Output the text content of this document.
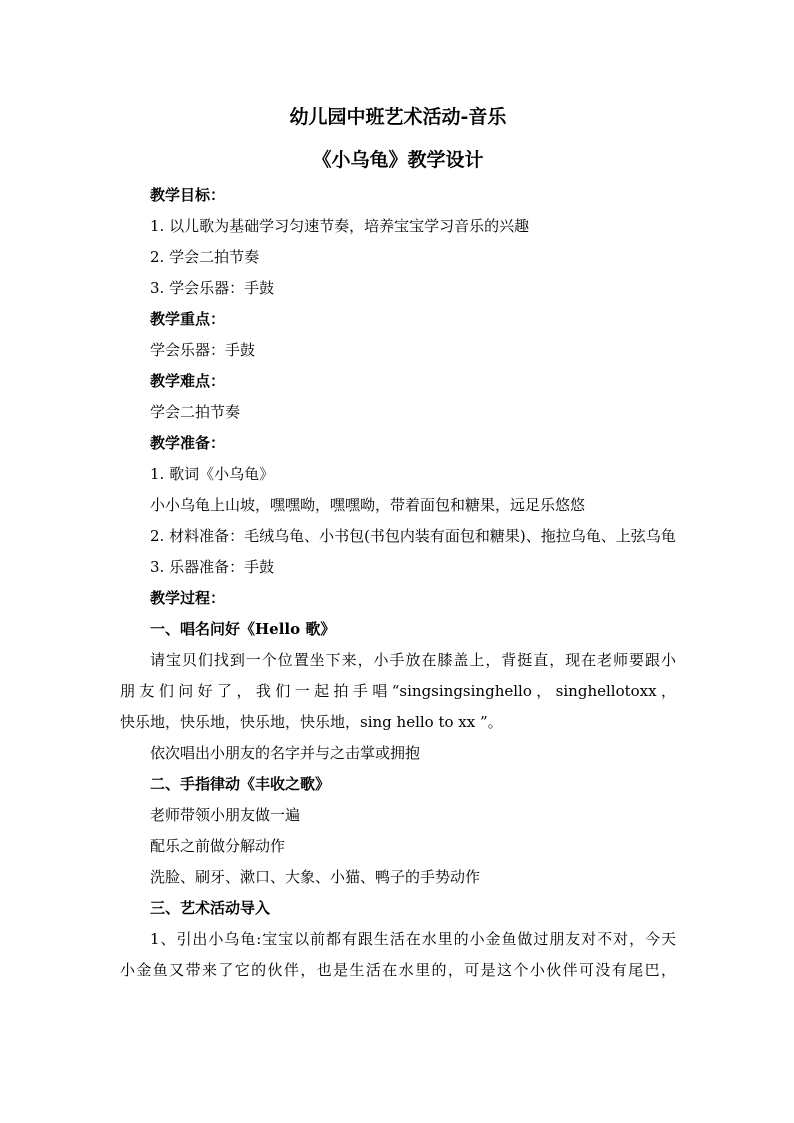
幼儿园中班艺术活动-音乐
《小乌龟》教学设计
教学目标：
1. 以儿歌为基础学习匀速节奏，培养宝宝学习音乐的兴趣
2. 学会二拍节奏
3. 学会乐器：手鼓
教学重点：
学会乐器：手鼓
教学难点：
学会二拍节奏
教学准备：
1. 歌词《小乌龟》
小小乌龟上山坡，嘿嘿呦，嘿嘿呦，带着面包和糖果，远足乐悠悠
2. 材料准备：毛绒乌龟、小书包(书包内装有面包和糖果)、拖拉乌龟、上弦乌龟
3. 乐器准备：手鼓
教学过程：
一、唱名问好《Hello 歌》
请宝贝们找到一个位置坐下来，小手放在膝盖上，背挺直，现在老师要跟小
朋友们问好了，我们一起拍手唱“singsingsinghello，singhellotoxx，
快乐地，快乐地，快乐地，快乐地，sing hello to xx ”。
依次唱出小朋友的名字并与之击掌或拥抱
二、手指律动《丰收之歌》
老师带领小朋友做一遍
配乐之前做分解动作
洗脸、刷牙、漱口、大象、小猫、鸭子的手势动作
三、艺术活动导入
1、引出小乌龟:宝宝以前都有跟生活在水里的小金鱼做过朋友对不对，今天
小金鱼又带来了它的伙伴，也是生活在水里的，可是这个小伙伴可没有尾巴，
